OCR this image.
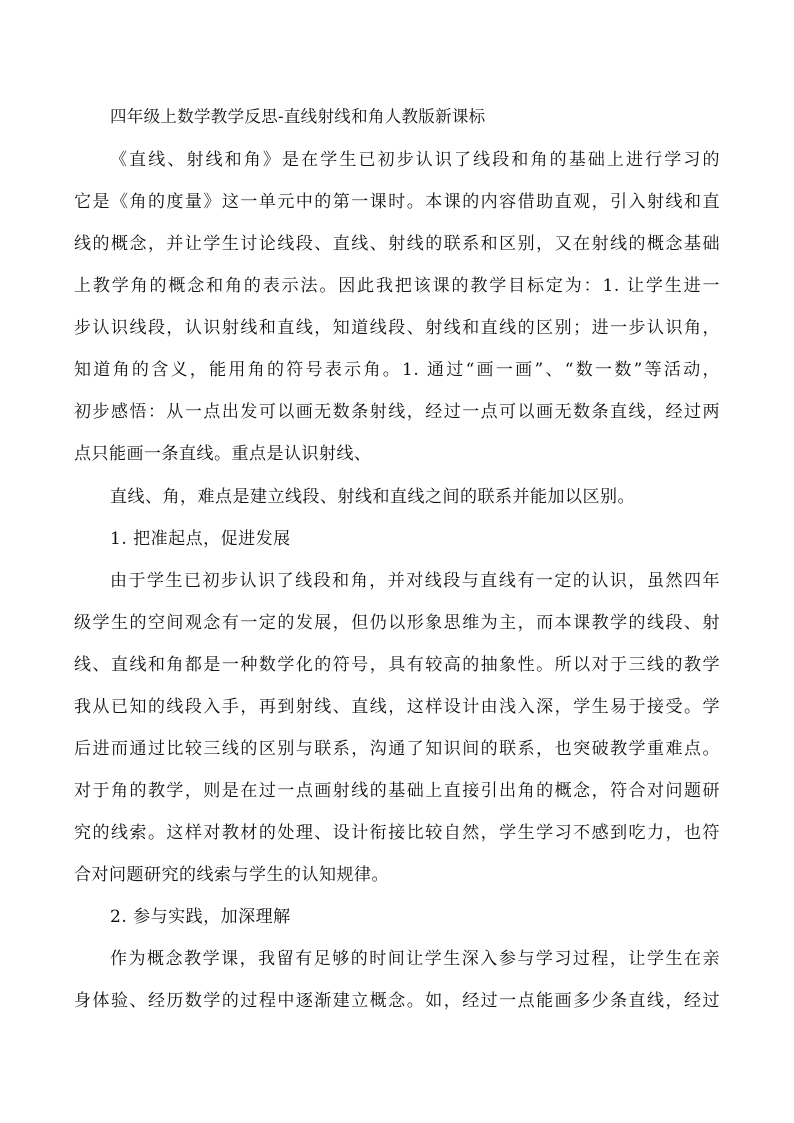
四年级上数学教学反思-直线射线和角人教版新课标
《直线、射线和角》是在学生已初步认识了线段和角的基础上进行学习的
它是《角的度量》这一单元中的第一课时。本课的内容借助直观，引入射线和直
线的概念，并让学生讨论线段、直线、射线的联系和区别，又在射线的概念基础
上教学角的概念和角的表示法。因此我把该课的教学目标定为：1. 让学生进一
步认识线段，认识射线和直线，知道线段、射线和直线的区别；进一步认识角，
知道角的含义，能用角的符号表示角。1. 通过“画一画”、“数一数”等活动，
初步感悟：从一点出发可以画无数条射线，经过一点可以画无数条直线，经过两
点只能画一条直线。重点是认识射线、
直线、角，难点是建立线段、射线和直线之间的联系并能加以区别。
1. 把准起点，促进发展
由于学生已初步认识了线段和角，并对线段与直线有一定的认识，虽然四年
级学生的空间观念有一定的发展，但仍以形象思维为主，而本课教学的线段、射
线、直线和角都是一种数学化的符号，具有较高的抽象性。所以对于三线的教学
我从已知的线段入手，再到射线、直线，这样设计由浅入深，学生易于接受。学
后进而通过比较三线的区别与联系，沟通了知识间的联系，也突破教学重难点。
对于角的教学，则是在过一点画射线的基础上直接引出角的概念，符合对问题研
究的线索。这样对教材的处理、设计衔接比较自然，学生学习不感到吃力，也符
合对问题研究的线索与学生的认知规律。
2. 参与实践，加深理解
作为概念教学课，我留有足够的时间让学生深入参与学习过程，让学生在亲
身体验、经历数学的过程中逐渐建立概念。如，经过一点能画多少条直线，经过
